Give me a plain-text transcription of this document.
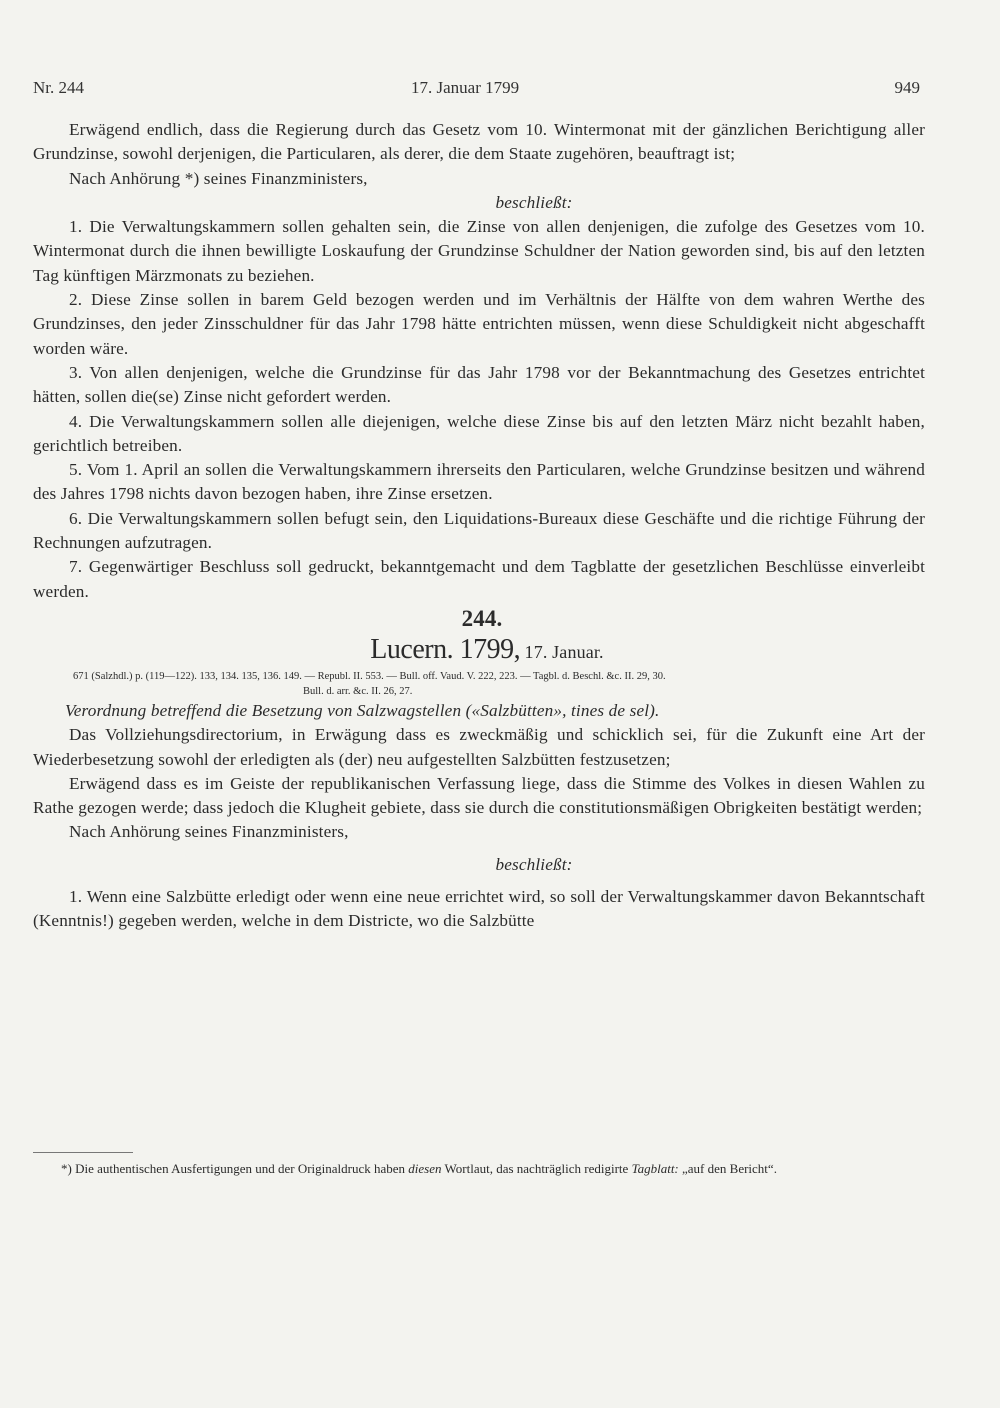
Nr. 244	17. Januar 1799	949

Erwägend endlich, dass die Regierung durch das Gesetz vom 10. Wintermonat mit der gänzlichen Berichtigung aller Grundzinse, sowohl derjenigen, die Particularen, als derer, die dem Staate zugehören, beauftragt ist;

Nach Anhörung *) seines Finanzministers,

beschließt:

1. Die Verwaltungskammern sollen gehalten sein, die Zinse von allen denjenigen, die zufolge des Gesetzes vom 10. Wintermonat durch die ihnen bewilligte Loskaufung der Grundzinse Schuldner der Nation geworden sind, bis auf den letzten Tag künftigen Märzmonats zu beziehen.

2. Diese Zinse sollen in barem Geld bezogen werden und im Verhältnis der Hälfte von dem wahren Werthe des Grundzinses, den jeder Zinsschuldner für das Jahr 1798 hätte entrichten müssen, wenn diese Schuldigkeit nicht abgeschafft worden wäre.

3. Von allen denjenigen, welche die Grundzinse für das Jahr 1798 vor der Bekanntmachung des Gesetzes entrichtet hätten, sollen die(se) Zinse nicht gefordert werden.

4. Die Verwaltungskammern sollen alle diejenigen, welche diese Zinse bis auf den letzten März nicht bezahlt haben, gerichtlich betreiben.

5. Vom 1. April an sollen die Verwaltungskammern ihrerseits den Particularen, welche Grundzinse besitzen und während des Jahres 1798 nichts davon bezogen haben, ihre Zinse ersetzen.

6. Die Verwaltungskammern sollen befugt sein, den Liquidations-Bureaux diese Geschäfte und die richtige Führung der Rechnungen aufzutragen.

7. Gegenwärtiger Beschluss soll gedruckt, bekanntgemacht und dem Tagblatte der gesetzlichen Beschlüsse einverleibt werden.

244.

Lucern. 1799, 17. Januar.

671 (Salzhdl.) p. (119—122). 133, 134. 135, 136. 149. — Republ. II. 553. — Bull. off. Vaud. V. 222, 223. — Tagbl. d. Beschl. &c. II. 29, 30.
Bull. d. arr. &c. II. 26, 27.

Verordnung betreffend die Besetzung von Salzwagstellen («Salzbütten», tines de sel).

Das Vollziehungsdirectorium, in Erwägung dass es zweckmäßig und schicklich sei, für die Zukunft eine Art der Wiederbesetzung sowohl der erledigten als (der) neu aufgestellten Salzbütten festzusetzen;

Erwägend dass es im Geiste der republikanischen Verfassung liege, dass die Stimme des Volkes in diesen Wahlen zu Rathe gezogen werde; dass jedoch die Klugheit gebiete, dass sie durch die constitutionsmäßigen Obrigkeiten bestätigt werden;

Nach Anhörung seines Finanzministers,

beschließt:

1. Wenn eine Salzbütte erledigt oder wenn eine neue errichtet wird, so soll der Verwaltungskammer davon Bekanntschaft (Kenntnis!) gegeben werden, welche in dem Districte, wo die Salzbütte

*) Die authentischen Ausfertigungen und der Originaldruck haben diesen Wortlaut, das nachträglich redigirte Tagblatt: „auf den Bericht“.
